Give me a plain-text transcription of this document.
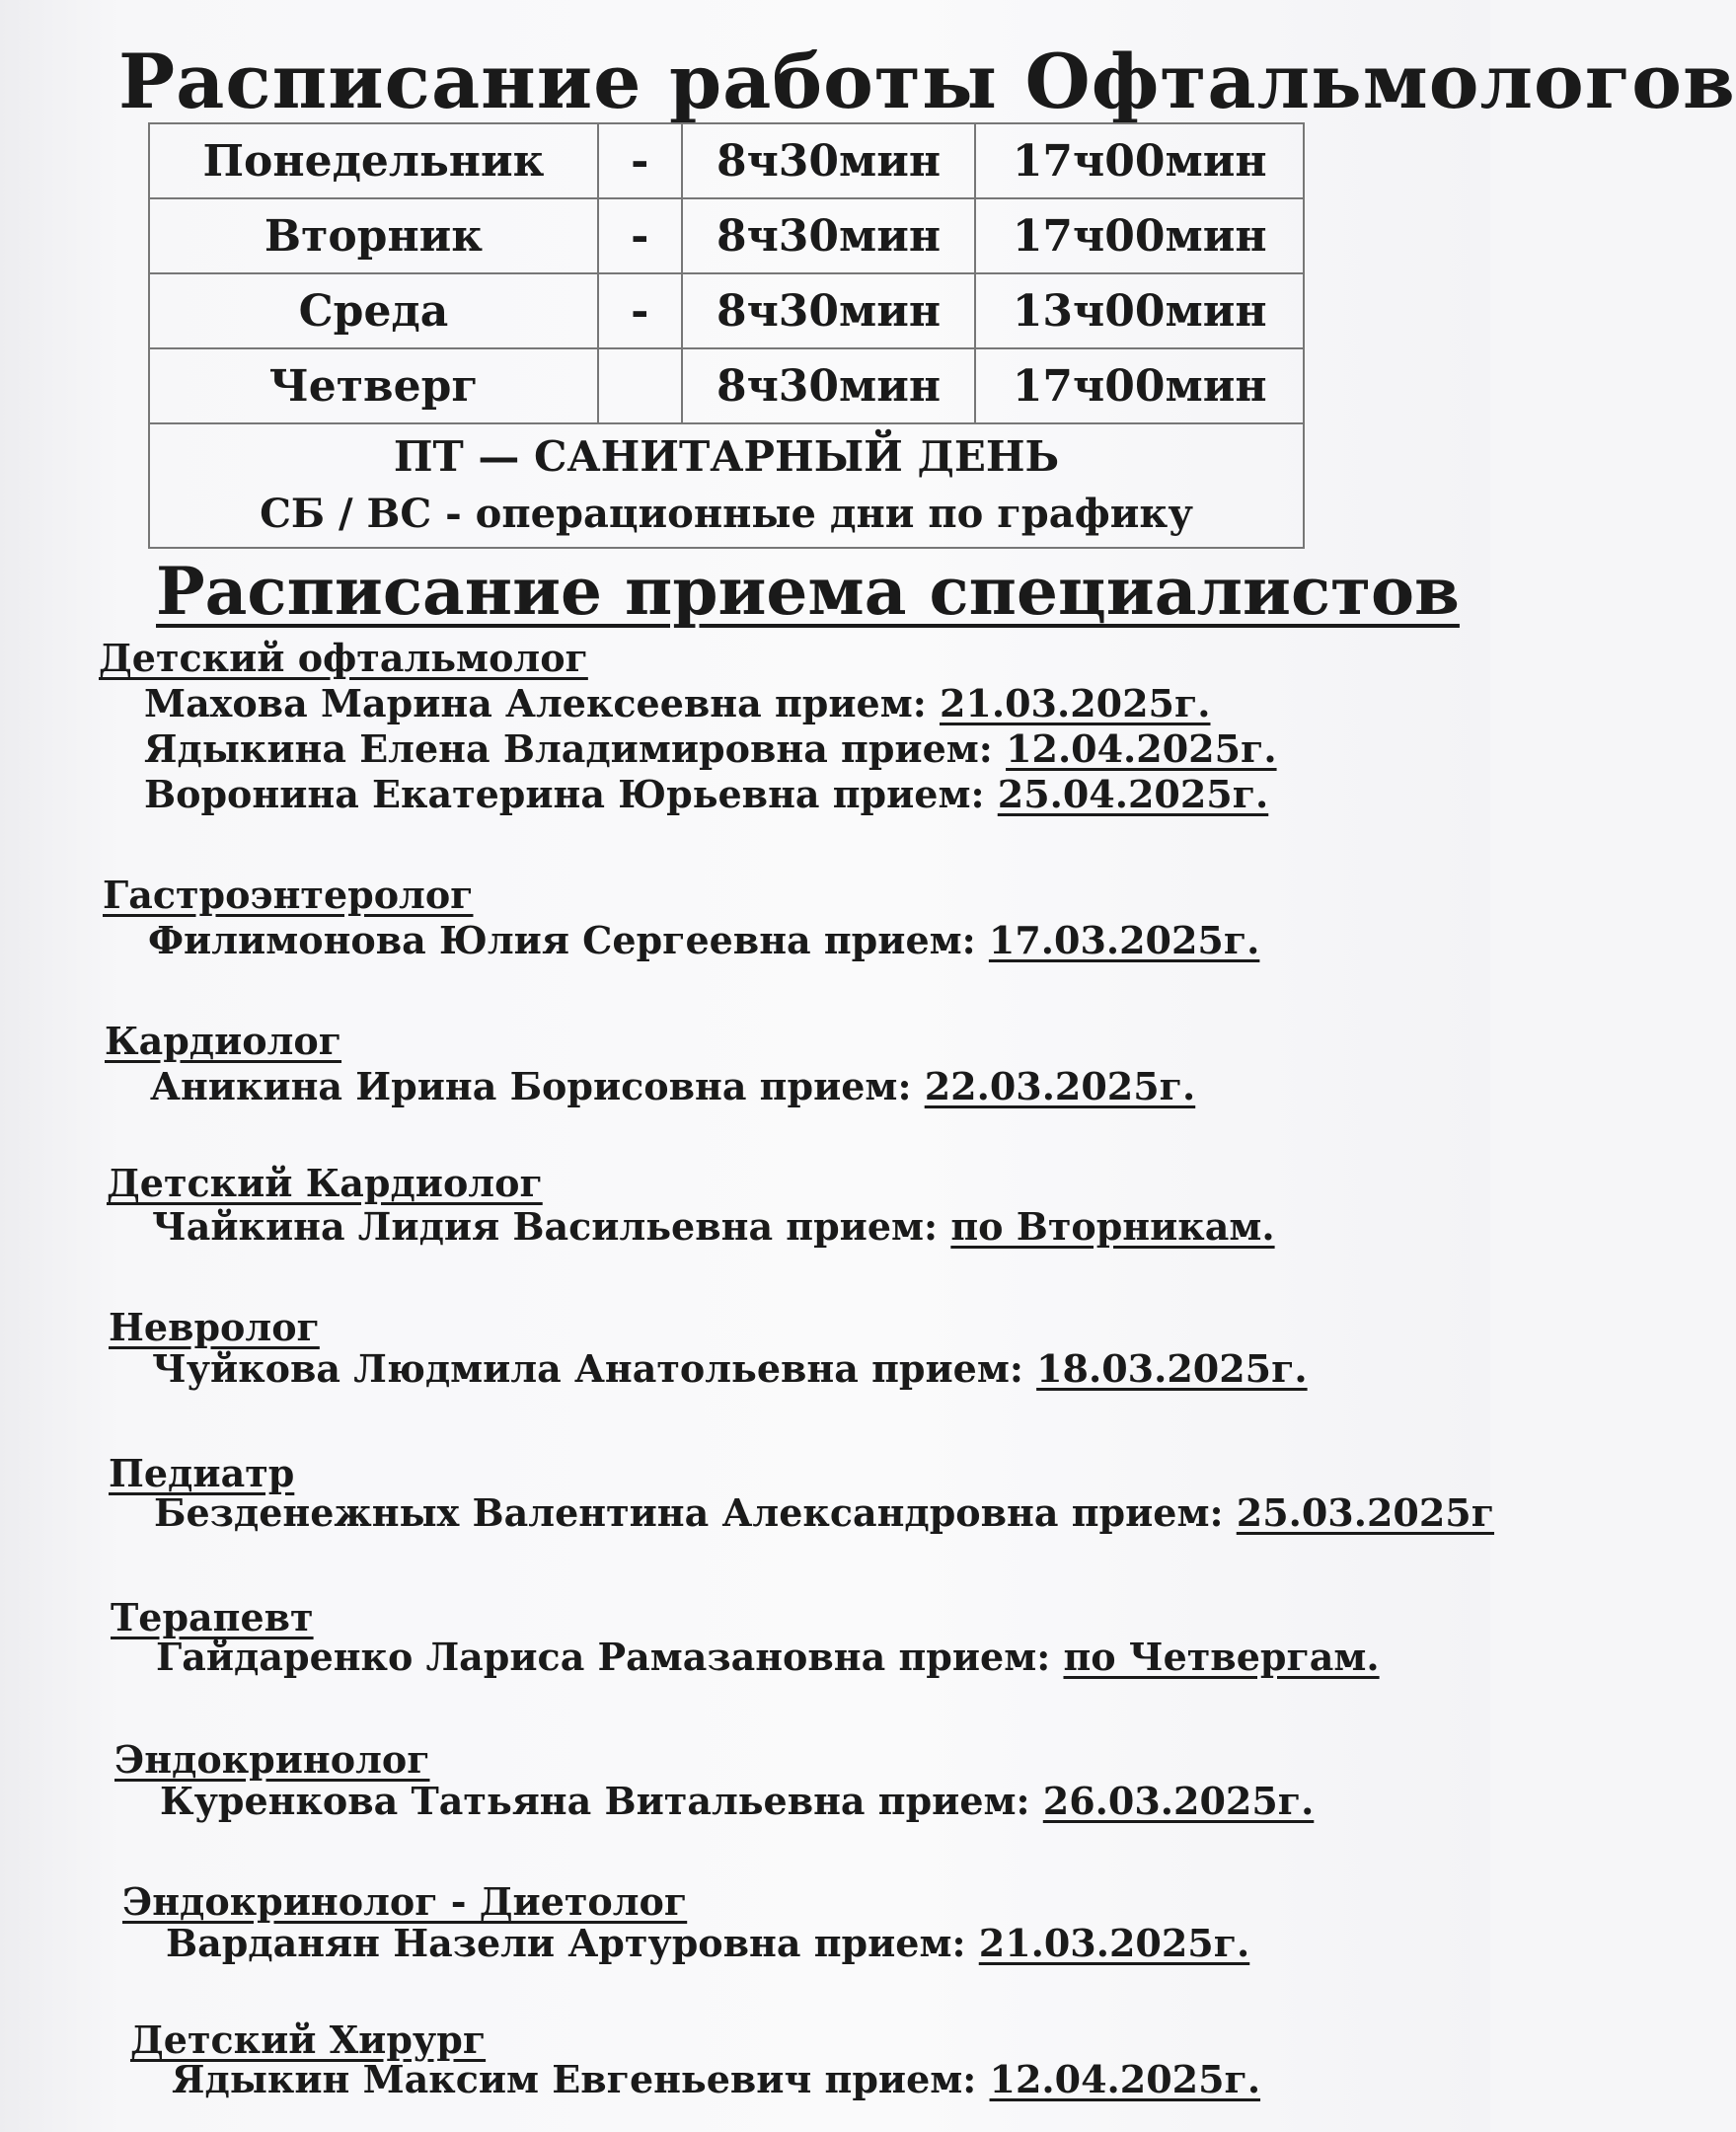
Расписание работы Офтальмологов
Понедельник	-	8ч30мин	17ч00мин
Вторник	-	8ч30мин	17ч00мин
Среда	-	8ч30мин	13ч00мин
Четверг		8ч30мин	17ч00мин

ПТ — САНИТАРНЫЙ ДЕНЬ
СБ / ВС - операционные дни по графику			
Расписание приема специалистов
Детский офтальмолог
Махова Марина Алексеевна прием: 21.03.2025г.
Ядыкина Елена Владимировна прием: 12.04.2025г.
Воронина Екатерина Юрьевна прием: 25.04.2025г.
Гастроэнтеролог
Филимонова Юлия Сергеевна прием: 17.03.2025г.
Кардиолог
Аникина Ирина Борисовна прием: 22.03.2025г.
Детский Кардиолог
Чайкина Лидия Васильевна прием: по Вторникам.
Невролог
Чуйкова Людмила Анатольевна прием: 18.03.2025г.
Педиатр
Безденежных Валентина Александровна прием: 25.03.2025г
Терапевт
Гайдаренко Лариса Рамазановна прием: по Четвергам.
Эндокринолог
Куренкова Татьяна Витальевна прием: 26.03.2025г.
Эндокринолог - Диетолог
Варданян Назели Артуровна прием: 21.03.2025г.
Детский Хирург
Ядыкин Максим Евгеньевич прием: 12.04.2025г.
